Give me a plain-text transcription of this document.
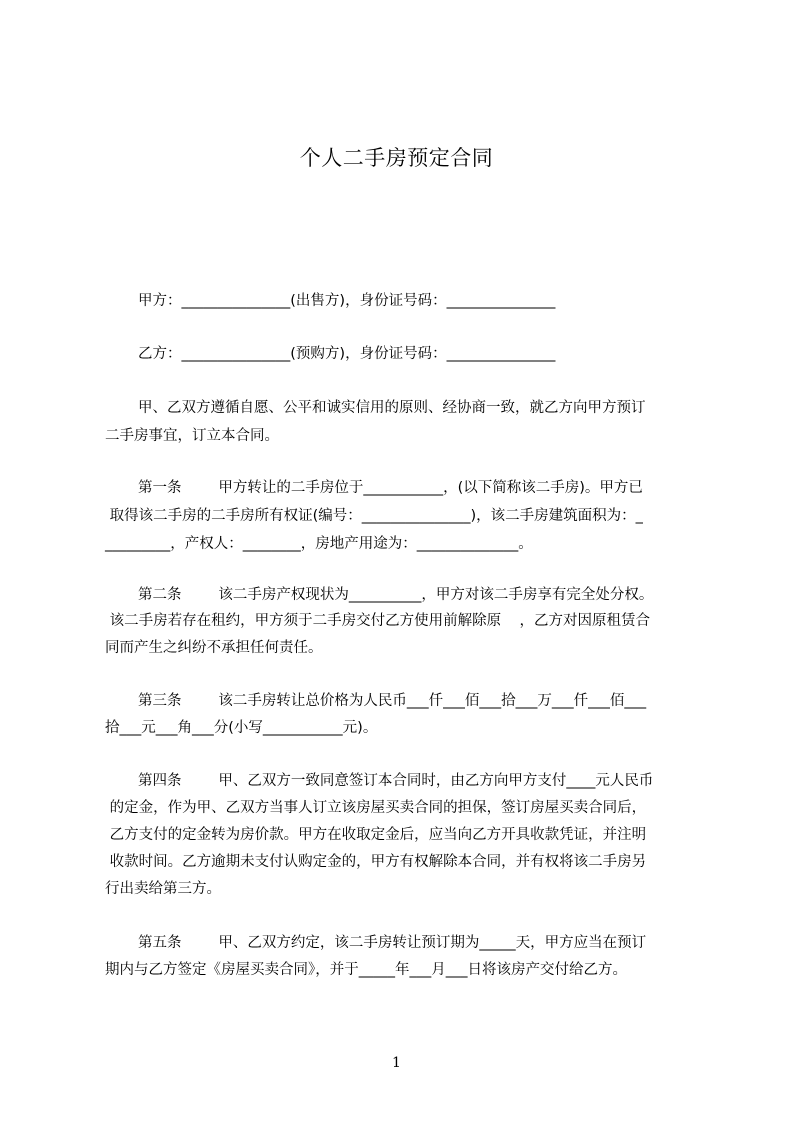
个人二手房预定合同
甲方：_______________(出售方)，身份证号码：_______________
乙方：_______________(预购方)，身份证号码：_______________
甲、乙双方遵循自愿、公平和诚实信用的原则、经协商一致，就乙方向甲方预订
二手房事宜，订立本合同。
第一条        甲方转让的二手房位于___________，(以下简称该二手房)。甲方已
取得该二手房的二手房所有权证(编号：_______________)，该二手房建筑面积为：_
_________，产权人：________，房地产用途为：______________。
第二条        该二手房产权现状为__________，甲方对该二手房享有完全处分权。
该二手房若存在租约，甲方须于二手房交付乙方使用前解除原    ，乙方对因原租赁合
同而产生之纠纷不承担任何责任。
第三条        该二手房转让总价格为人民币___仟___佰___拾___万___仟___佰___
拾___元___角___分(小写___________元)。
第四条        甲、乙双方一致同意签订本合同时，由乙方向甲方支付____元人民币
的定金，作为甲、乙双方当事人订立该房屋买卖合同的担保，签订房屋买卖合同后，
乙方支付的定金转为房价款。甲方在收取定金后，应当向乙方开具收款凭证，并注明
收款时间。乙方逾期未支付认购定金的，甲方有权解除本合同，并有权将该二手房另
行出卖给第三方。
第五条        甲、乙双方约定，该二手房转让预订期为_____天，甲方应当在预订
期内与乙方签定《房屋买卖合同》，并于_____年___月___日将该房产交付给乙方。
1
